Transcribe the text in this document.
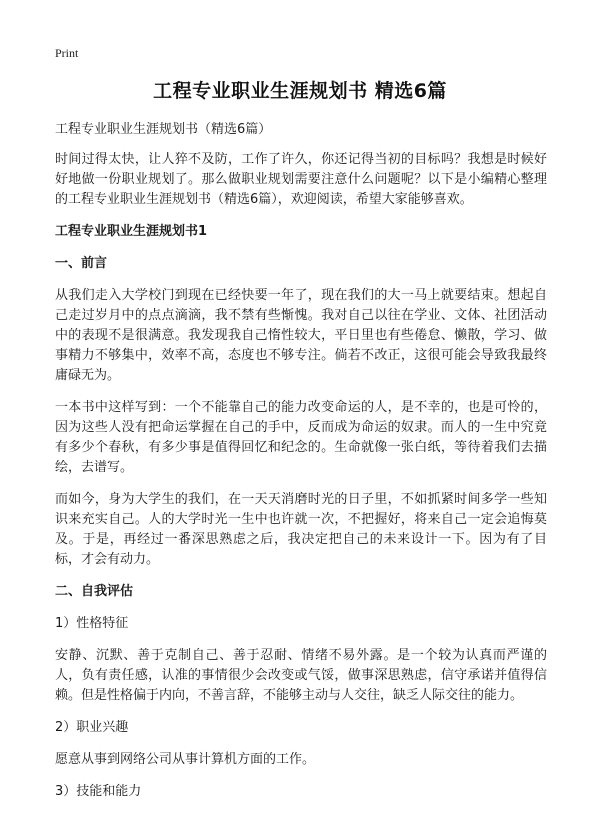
Print
工程专业职业生涯规划书 精选6篇
工程专业职业生涯规划书（精选6篇）
时间过得太快，让人猝不及防，工作了许久，你还记得当初的目标吗？我想是时候好好地做一份职业规划了。那么做职业规划需要注意什么问题呢？以下是小编精心整理的工程专业职业生涯规划书（精选6篇），欢迎阅读，希望大家能够喜欢。
工程专业职业生涯规划书1
一、前言
从我们走入大学校门到现在已经快要一年了，现在我们的大一马上就要结束。想起自己走过岁月中的点点滴滴，我不禁有些惭愧。我对自己以往在学业、文体、社团活动中的表现不是很满意。我发现我自己惰性较大，平日里也有些倦怠、懒散，学习、做事精力不够集中，效率不高，态度也不够专注。倘若不改正，这很可能会导致我最终庸碌无为。
一本书中这样写到：一个不能靠自己的能力改变命运的人，是不幸的，也是可怜的，因为这些人没有把命运掌握在自己的手中，反而成为命运的奴隶。而人的一生中究竟有多少个春秋，有多少事是值得回忆和纪念的。生命就像一张白纸，等待着我们去描绘，去谱写。
而如今，身为大学生的我们，在一天天消磨时光的日子里，不如抓紧时间多学一些知识来充实自己。人的大学时光一生中也许就一次，不把握好，将来自己一定会追悔莫及。于是，再经过一番深思熟虑之后，我决定把自己的未来设计一下。因为有了目标，才会有动力。
二、自我评估
1）性格特征
安静、沉默、善于克制自己、善于忍耐、情绪不易外露。是一个较为认真而严谨的人，负有责任感，认准的事情很少会改变或气馁，做事深思熟虑，信守承诺并值得信赖。但是性格偏于内向，不善言辞，不能够主动与人交往，缺乏人际交往的能力。
2）职业兴趣
愿意从事到网络公司从事计算机方面的工作。
3）技能和能力
